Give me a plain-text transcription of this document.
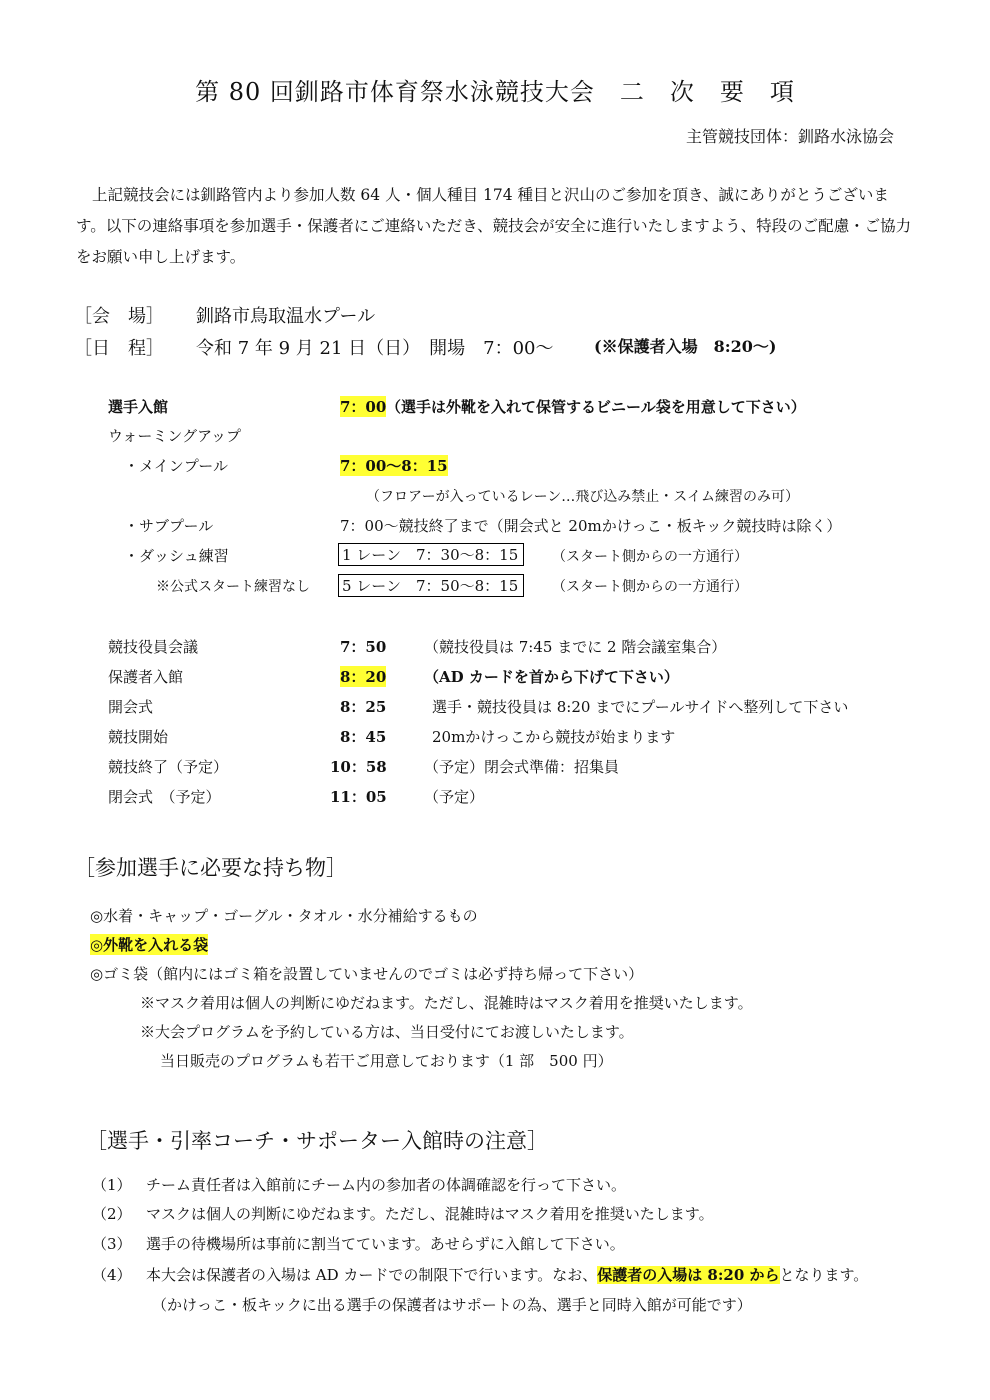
第 80 回釧路市体育祭水泳競技大会　二　次　要　項
主管競技団体：釧路水泳協会
上記競技会には釧路管内より参加人数 64 人・個人種目 174 種目と沢山のご参加を頂き、誠にありがとうございます。以下の連絡事項を参加選手・保護者にご連絡いただき、競技会が安全に進行いたしますよう、特段のご配慮・ご協力をお願い申し上げます。
［会　場］ 釧路市鳥取温水プール
［日　程］ 令和 7 年 9 月 21 日（日）　開場　7：00～	(※保護者入場　8:20～)
選手入館	7：00 （選手は外靴を入れて保管するビニール袋を用意して下さい）
ウォーミングアップ
・メインプール	7：00～8：15
（フロアーが入っているレーン…飛び込み禁止・スイム練習のみ可）
・サブプール	7：00～競技終了まで（開会式と 20mかけっこ・板キック競技時は除く）
・ダッシュ練習	1 レーン　7：30～8：15	（スタート側からの一方通行）
※公式スタート練習なし 5 レーン　7：50～8：15	（スタート側からの一方通行）
競技役員会議	7：50	（競技役員は 7:45 までに 2 階会議室集合）
保護者入館	8：20	（AD カードを首から下げて下さい）
開会式	8：25	選手・競技役員は 8:20 までにプールサイドへ整列して下さい
競技開始	8：45	20mかけっこから競技が始まります
競技終了（予定）	10：58 （予定）閉会式準備：招集員
閉会式　（予定）	11：05 （予定）
［参加選手に必要な持ち物］
◎水着・キャップ・ゴーグル・タオル・水分補給するもの
◎外靴を入れる袋
◎ゴミ袋（館内にはゴミ箱を設置していませんのでゴミは必ず持ち帰って下さい）
※マスク着用は個人の判断にゆだねます。ただし、混雑時はマスク着用を推奨いたします。
※大会プログラムを予約している方は、当日受付にてお渡しいたします。
当日販売のプログラムも若干ご用意しております（1 部　500 円）
［選手・引率コーチ・サポーター入館時の注意］
（1） チーム責任者は入館前にチーム内の参加者の体調確認を行って下さい。
（2） マスクは個人の判断にゆだねます。ただし、混雑時はマスク着用を推奨いたします。
（3） 選手の待機場所は事前に割当てています。あせらずに入館して下さい。
（4） 本大会は保護者の入場は AD カードでの制限下で行います。なお、保護者の入場は 8:20 からとなります。
（かけっこ・板キックに出る選手の保護者はサポートの為、選手と同時入館が可能です）
